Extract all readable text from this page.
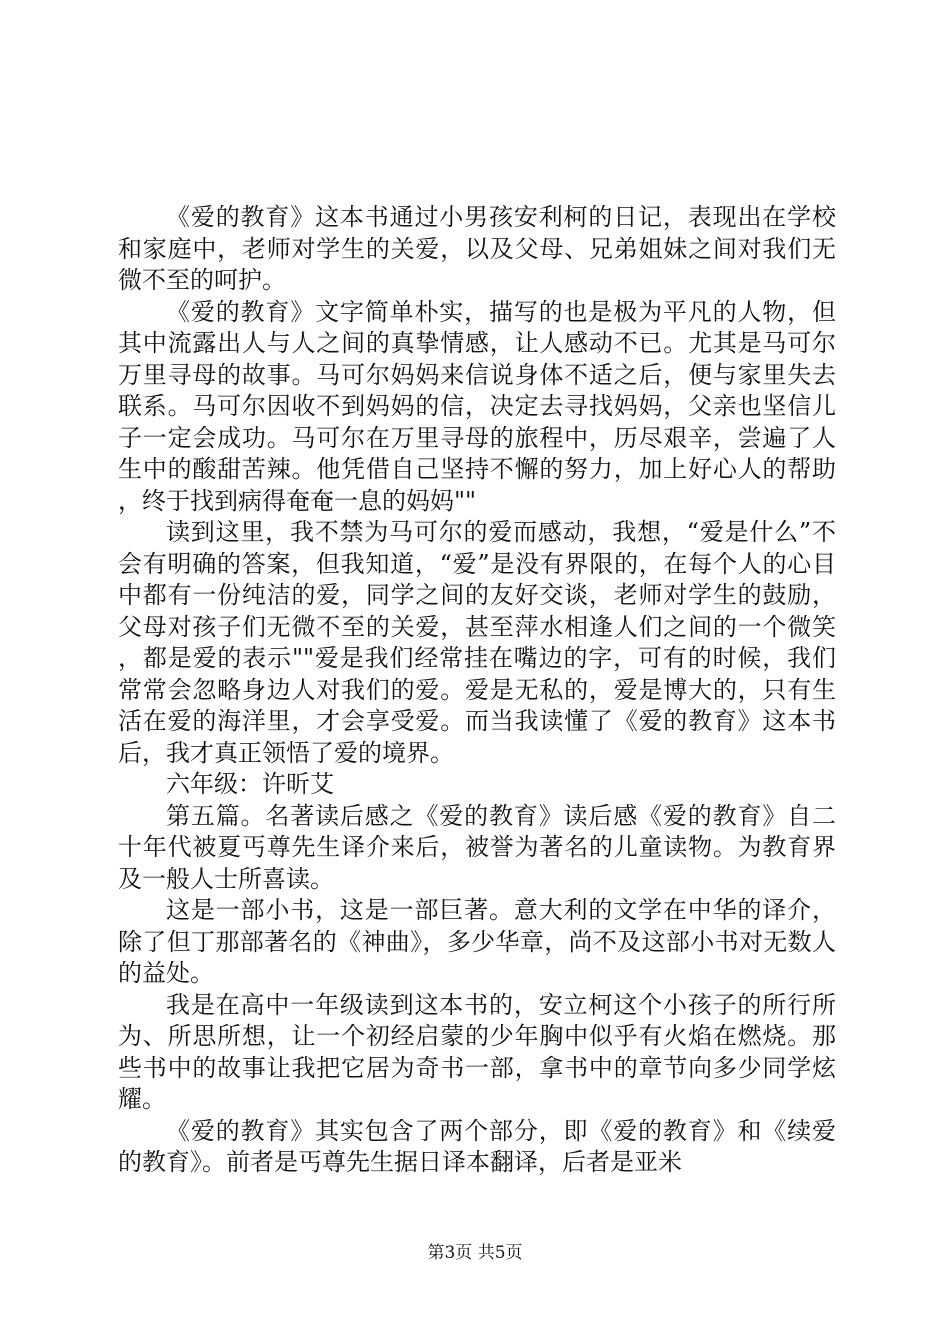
《爱的教育》这本书通过小男孩安利柯的日记，表现出在学校和家庭中，老师对学生的关爱，以及父母、兄弟姐妹之间对我们无微不至的呵护。

《爱的教育》文字简单朴实，描写的也是极为平凡的人物，但其中流露出人与人之间的真挚情感，让人感动不已。尤其是马可尔万里寻母的故事。马可尔妈妈来信说身体不适之后，便与家里失去联系。马可尔因收不到妈妈的信，决定去寻找妈妈，父亲也坚信儿子一定会成功。马可尔在万里寻母的旅程中，历尽艰辛，尝遍了人生中的酸甜苦辣。他凭借自己坚持不懈的努力，加上好心人的帮助，终于找到病得奄奄一息的妈妈""

读到这里，我不禁为马可尔的爱而感动，我想，“爱是什么”不会有明确的答案，但我知道，“爱”是没有界限的，在每个人的心目中都有一份纯洁的爱，同学之间的友好交谈，老师对学生的鼓励，父母对孩子们无微不至的关爱，甚至萍水相逢人们之间的一个微笑，都是爱的表示""爱是我们经常挂在嘴边的字，可有的时候，我们常常会忽略身边人对我们的爱。爱是无私的，爱是博大的，只有生活在爱的海洋里，才会享受爱。而当我读懂了《爱的教育》这本书后，我才真正领悟了爱的境界。

六年级：许昕艾

第五篇。名著读后感之《爱的教育》读后感《爱的教育》自二十年代被夏丐尊先生译介来后，被誉为著名的儿童读物。为教育界及一般人士所喜读。

这是一部小书，这是一部巨著。意大利的文学在中华的译介，除了但丁那部著名的《神曲》，多少华章，尚不及这部小书对无数人的益处。

我是在高中一年级读到这本书的，安立柯这个小孩子的所行所为、所思所想，让一个初经启蒙的少年胸中似乎有火焰在燃烧。那些书中的故事让我把它居为奇书一部，拿书中的章节向多少同学炫耀。

《爱的教育》其实包含了两个部分，即《爱的教育》和《续爱的教育》。前者是丐尊先生据日译本翻译，后者是亚米

第3页 共5页
